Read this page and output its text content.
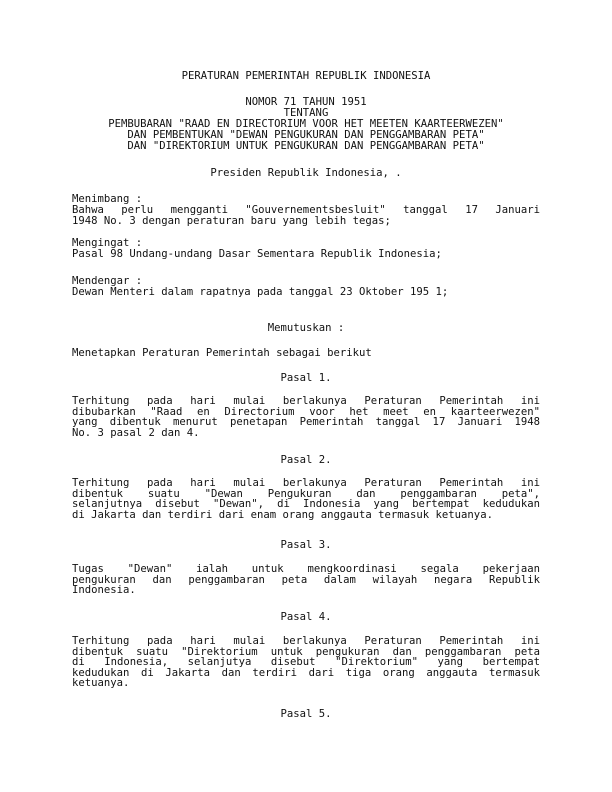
PERATURAN PEMERINTAH REPUBLIK INDONESIA
NOMOR 71 TAHUN 1951
TENTANG
PEMBUBARAN "RAAD EN DIRECTORIUM VOOR HET MEETEN KAARTEERWEZEN"
DAN PEMBENTUKAN "DEWAN PENGUKURAN DAN PENGGAMBARAN PETA"
DAN "DIREKTORIUM UNTUK PENGUKURAN DAN PENGGAMBARAN PETA"
Presiden Republik Indonesia, .
Menimbang :
Bahwa perlu mengganti "Gouvernementsbesluit" tanggal 17 Januari
1948 No. 3 dengan peraturan baru yang lebih tegas;
Mengingat :
Pasal 98 Undang-undang Dasar Sementara Republik Indonesia;
Mendengar :
Dewan Menteri dalam rapatnya pada tanggal 23 Oktober 195 1;
Memutuskan :
Menetapkan Peraturan Pemerintah sebagai berikut
Pasal 1.
Terhitung pada hari mulai berlakunya Peraturan Pemerintah ini
dibubarkan "Raad en Directorium voor het meet en kaarteerwezen"
yang dibentuk menurut penetapan Pemerintah tanggal 17 Januari 1948
No. 3 pasal 2 dan 4.
Pasal 2.
Terhitung pada hari mulai berlakunya Peraturan Pemerintah ini
dibentuk suatu "Dewan Pengukuran dan penggambaran peta",
selanjutnya disebut "Dewan", di Indonesia yang bertempat kedudukan
di Jakarta dan terdiri dari enam orang anggauta termasuk ketuanya.
Pasal 3.
Tugas "Dewan" ialah untuk mengkoordinasi segala pekerjaan
pengukuran dan penggambaran peta dalam wilayah negara Republik
Indonesia.
Pasal 4.
Terhitung pada hari mulai berlakunya Peraturan Pemerintah ini
dibentuk suatu "Direktorium untuk pengukuran dan penggambaran peta
di Indonesia, selanjutya disebut "Direktorium" yang bertempat
kedudukan di Jakarta dan terdiri dari tiga orang anggauta termasuk
ketuanya.
Pasal 5.
